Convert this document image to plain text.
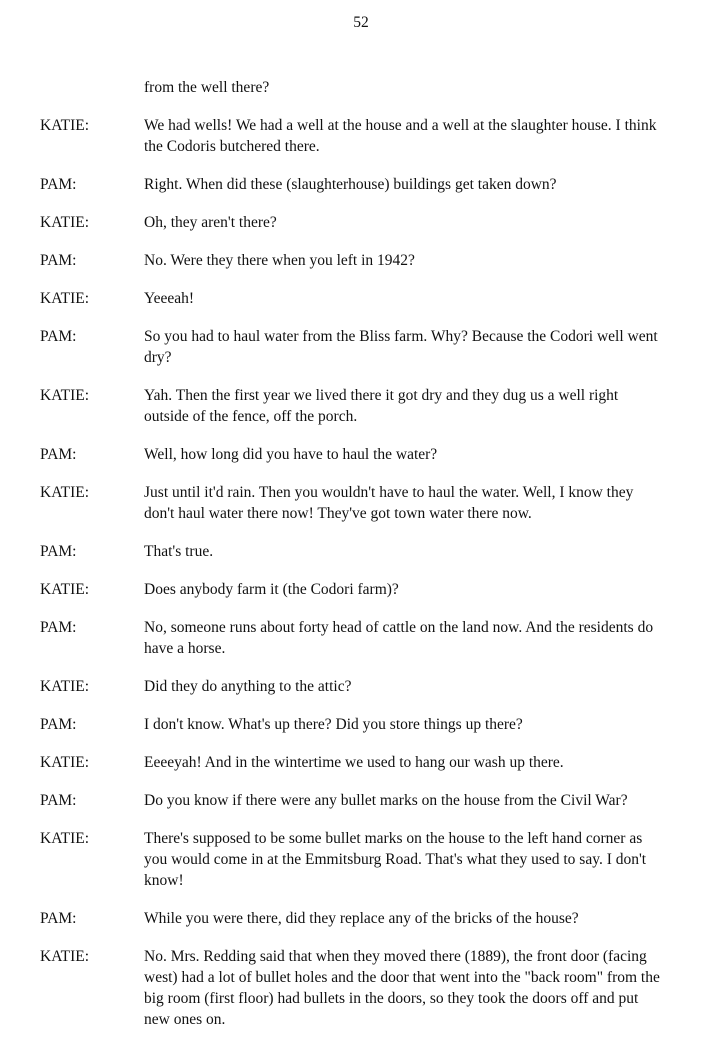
52
from the well there?
KATIE:	We had wells! We had a well at the house and a well at the slaughter house. I think the Codoris butchered there.
PAM:	Right. When did these (slaughterhouse) buildings get taken down?
KATIE:	Oh, they aren't there?
PAM:	No. Were they there when you left in 1942?
KATIE:	Yeeeah!
PAM:	So you had to haul water from the Bliss farm. Why? Because the Codori well went dry?
KATIE:	Yah. Then the first year we lived there it got dry and they dug us a well right outside of the fence, off the porch.
PAM:	Well, how long did you have to haul the water?
KATIE:	Just until it'd rain. Then you wouldn't have to haul the water. Well, I know they don't haul water there now! They've got town water there now.
PAM:	That's true.
KATIE:	Does anybody farm it (the Codori farm)?
PAM:	No, someone runs about forty head of cattle on the land now. And the residents do have a horse.
KATIE:	Did they do anything to the attic?
PAM:	I don't know. What's up there? Did you store things up there?
KATIE:	Eeeeyah! And in the wintertime we used to hang our wash up there.
PAM:	Do you know if there were any bullet marks on the house from the Civil War?
KATIE:	There's supposed to be some bullet marks on the house to the left hand corner as you would come in at the Emmitsburg Road. That's what they used to say. I don't know!
PAM:	While you were there, did they replace any of the bricks of the house?
KATIE:	No. Mrs. Redding said that when they moved there (1889), the front door (facing west) had a lot of bullet holes and the door that went into the "back room" from the big room (first floor) had bullets in the doors, so they took the doors off and put new ones on.
